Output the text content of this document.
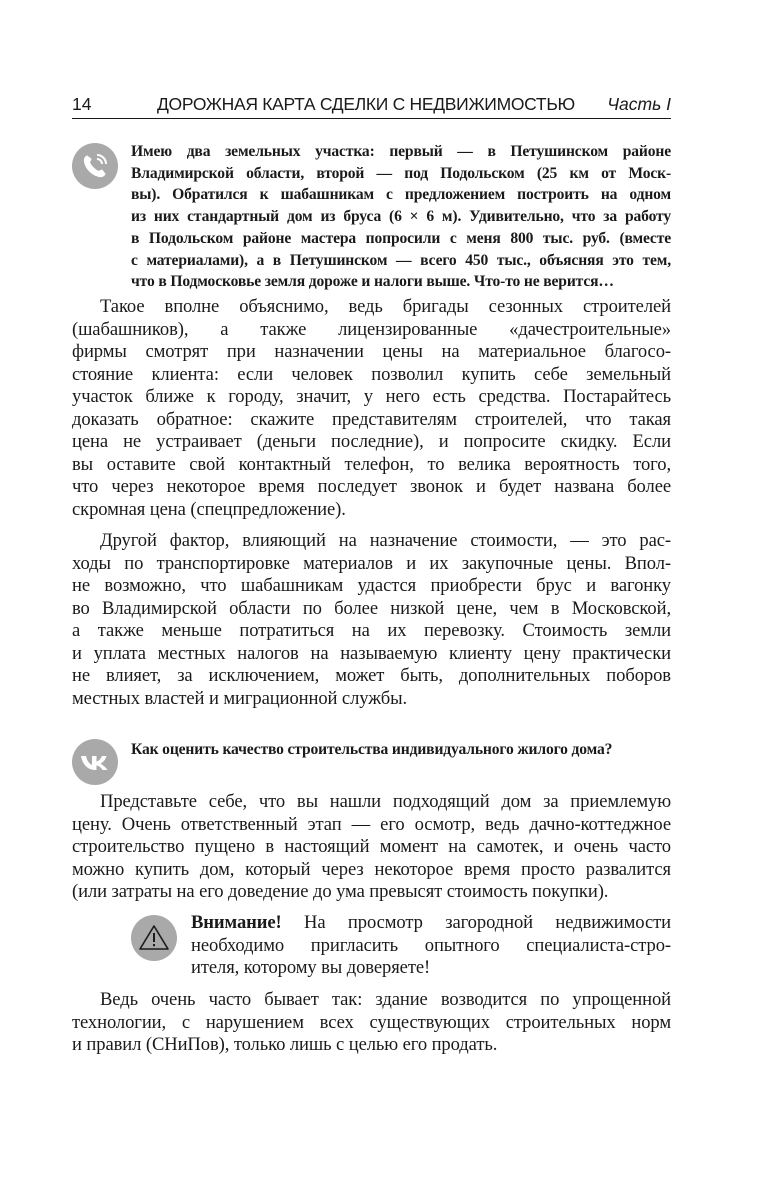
14	ДОРОЖНАЯ КАРТА СДЕЛКИ С НЕДВИЖИМОСТЬЮ Часть I
Имею два земельных участка: первый — в Петушинском районе
Владимирской области, второй — под Подольском (25 км от Моск-
вы). Обратился к шабашникам с предложением построить на одном
из них стандартный дом из бруса (6 × 6 м). Удивительно, что за работу
в Подольском районе мастера попросили с меня 800 тыс. руб. (вместе
с материалами), а в Петушинском — всего 450 тыс., объясняя это тем,
что в Подмосковье земля дороже и налоги выше. Что-то не верится…
Такое вполне объяснимо, ведь бригады сезонных строителей
(шабашников), а также лицензированные «дачестроительные»
фирмы смотрят при назначении цены на материальное благосо-
стояние клиента: если человек позволил купить себе земельный
участок ближе к городу, значит, у него есть средства. Постарайтесь
доказать обратное: скажите представителям строителей, что такая
цена не устраивает (деньги последние), и попросите скидку. Если
вы оставите свой контактный телефон, то велика вероятность того,
что через некоторое время последует звонок и будет названа более
скромная цена (спецпредложение).
Другой фактор, влияющий на назначение стоимости, — это рас-
ходы по транспортировке материалов и их закупочные цены. Впол-
не возможно, что шабашникам удастся приобрести брус и вагонку
во Владимирской области по более низкой цене, чем в Московской,
а также меньше потратиться на их перевозку. Стоимость земли
и уплата местных налогов на называемую клиенту цену практически
не влияет, за исключением, может быть, дополнительных поборов
местных властей и миграционной службы.
Как оценить качество строительства индивидуального жилого дома?
Представьте себе, что вы нашли подходящий дом за приемлемую
цену. Очень ответственный этап — его осмотр, ведь дачно-коттеджное
строительство пущено в настоящий момент на самотек, и очень часто
можно купить дом, который через некоторое время просто развалится
(или затраты на его доведение до ума превысят стоимость покупки).
Внимание! На просмотр загородной недвижимости
необходимо пригласить опытного специалиста-стро-
ителя, которому вы доверяете!
Ведь очень часто бывает так: здание возводится по упрощенной
технологии, с нарушением всех существующих строительных норм
и правил (СНиПов), только лишь с целью его продать.
